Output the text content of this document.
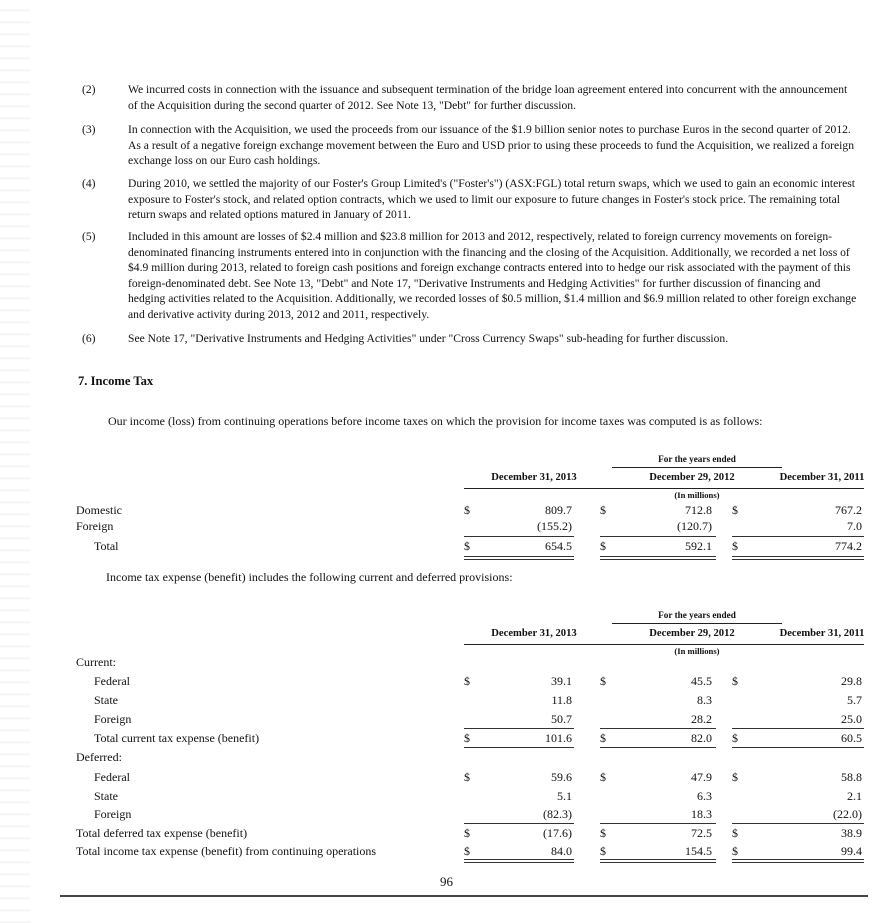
(2)	We incurred costs in connection with the issuance and subsequent termination of the bridge loan agreement entered into concurrent with the announcement of the Acquisition during the second quarter of 2012. See Note 13, "Debt" for further discussion.
(3)	In connection with the Acquisition, we used the proceeds from our issuance of the $1.9 billion senior notes to purchase Euros in the second quarter of 2012. As a result of a negative foreign exchange movement between the Euro and USD prior to using these proceeds to fund the Acquisition, we realized a foreign exchange loss on our Euro cash holdings.
(4)	During 2010, we settled the majority of our Foster's Group Limited's ("Foster's") (ASX:FGL) total return swaps, which we used to gain an economic interest exposure to Foster's stock, and related option contracts, which we used to limit our exposure to future changes in Foster's stock price. The remaining total return swaps and related options matured in January of 2011.
(5)	Included in this amount are losses of $2.4 million and $23.8 million for 2013 and 2012, respectively, related to foreign currency movements on foreign-denominated financing instruments entered into in conjunction with the financing and the closing of the Acquisition. Additionally, we recorded a net loss of $4.9 million during 2013, related to foreign cash positions and foreign exchange contracts entered into to hedge our risk associated with the payment of this foreign-denominated debt. See Note 13, "Debt" and Note 17, "Derivative Instruments and Hedging Activities" for further discussion of financing and hedging activities related to the Acquisition. Additionally, we recorded losses of $0.5 million, $1.4 million and $6.9 million related to other foreign exchange and derivative activity during 2013, 2012 and 2011, respectively.
(6)	See Note 17, "Derivative Instruments and Hedging Activities" under "Cross Currency Swaps" sub-heading for further discussion.
7. Income Tax
Our income (loss) from continuing operations before income taxes on which the provision for income taxes was computed is as follows:
For the years ended
December 31, 2013	December 29, 2012	December 31, 2011
(In millions)
Domestic	$	809.7 $	712.8 $	767.2
Foreign	(155.2)	(120.7)	7.0
Total	$	654.5 $	592.1 $	774.2
Income tax expense (benefit) includes the following current and deferred provisions:
For the years ended
December 31, 2013	December 29, 2012	December 31, 2011
(In millions)
Current:
Federal	$	39.1 $	45.5 $	29.8
State	11.8	8.3	5.7
Foreign	50.7	28.2	25.0
Total current tax expense (benefit)	$	101.6 $	82.0 $	60.5
Deferred:
Federal	$	59.6 $	47.9 $	58.8
State	5.1	6.3	2.1
Foreign	(82.3)	18.3	(22.0)
Total deferred tax expense (benefit)	$	(17.6) $	72.5 $	38.9
Total income tax expense (benefit) from continuing operations	$	84.0 $	154.5 $	99.4
96
